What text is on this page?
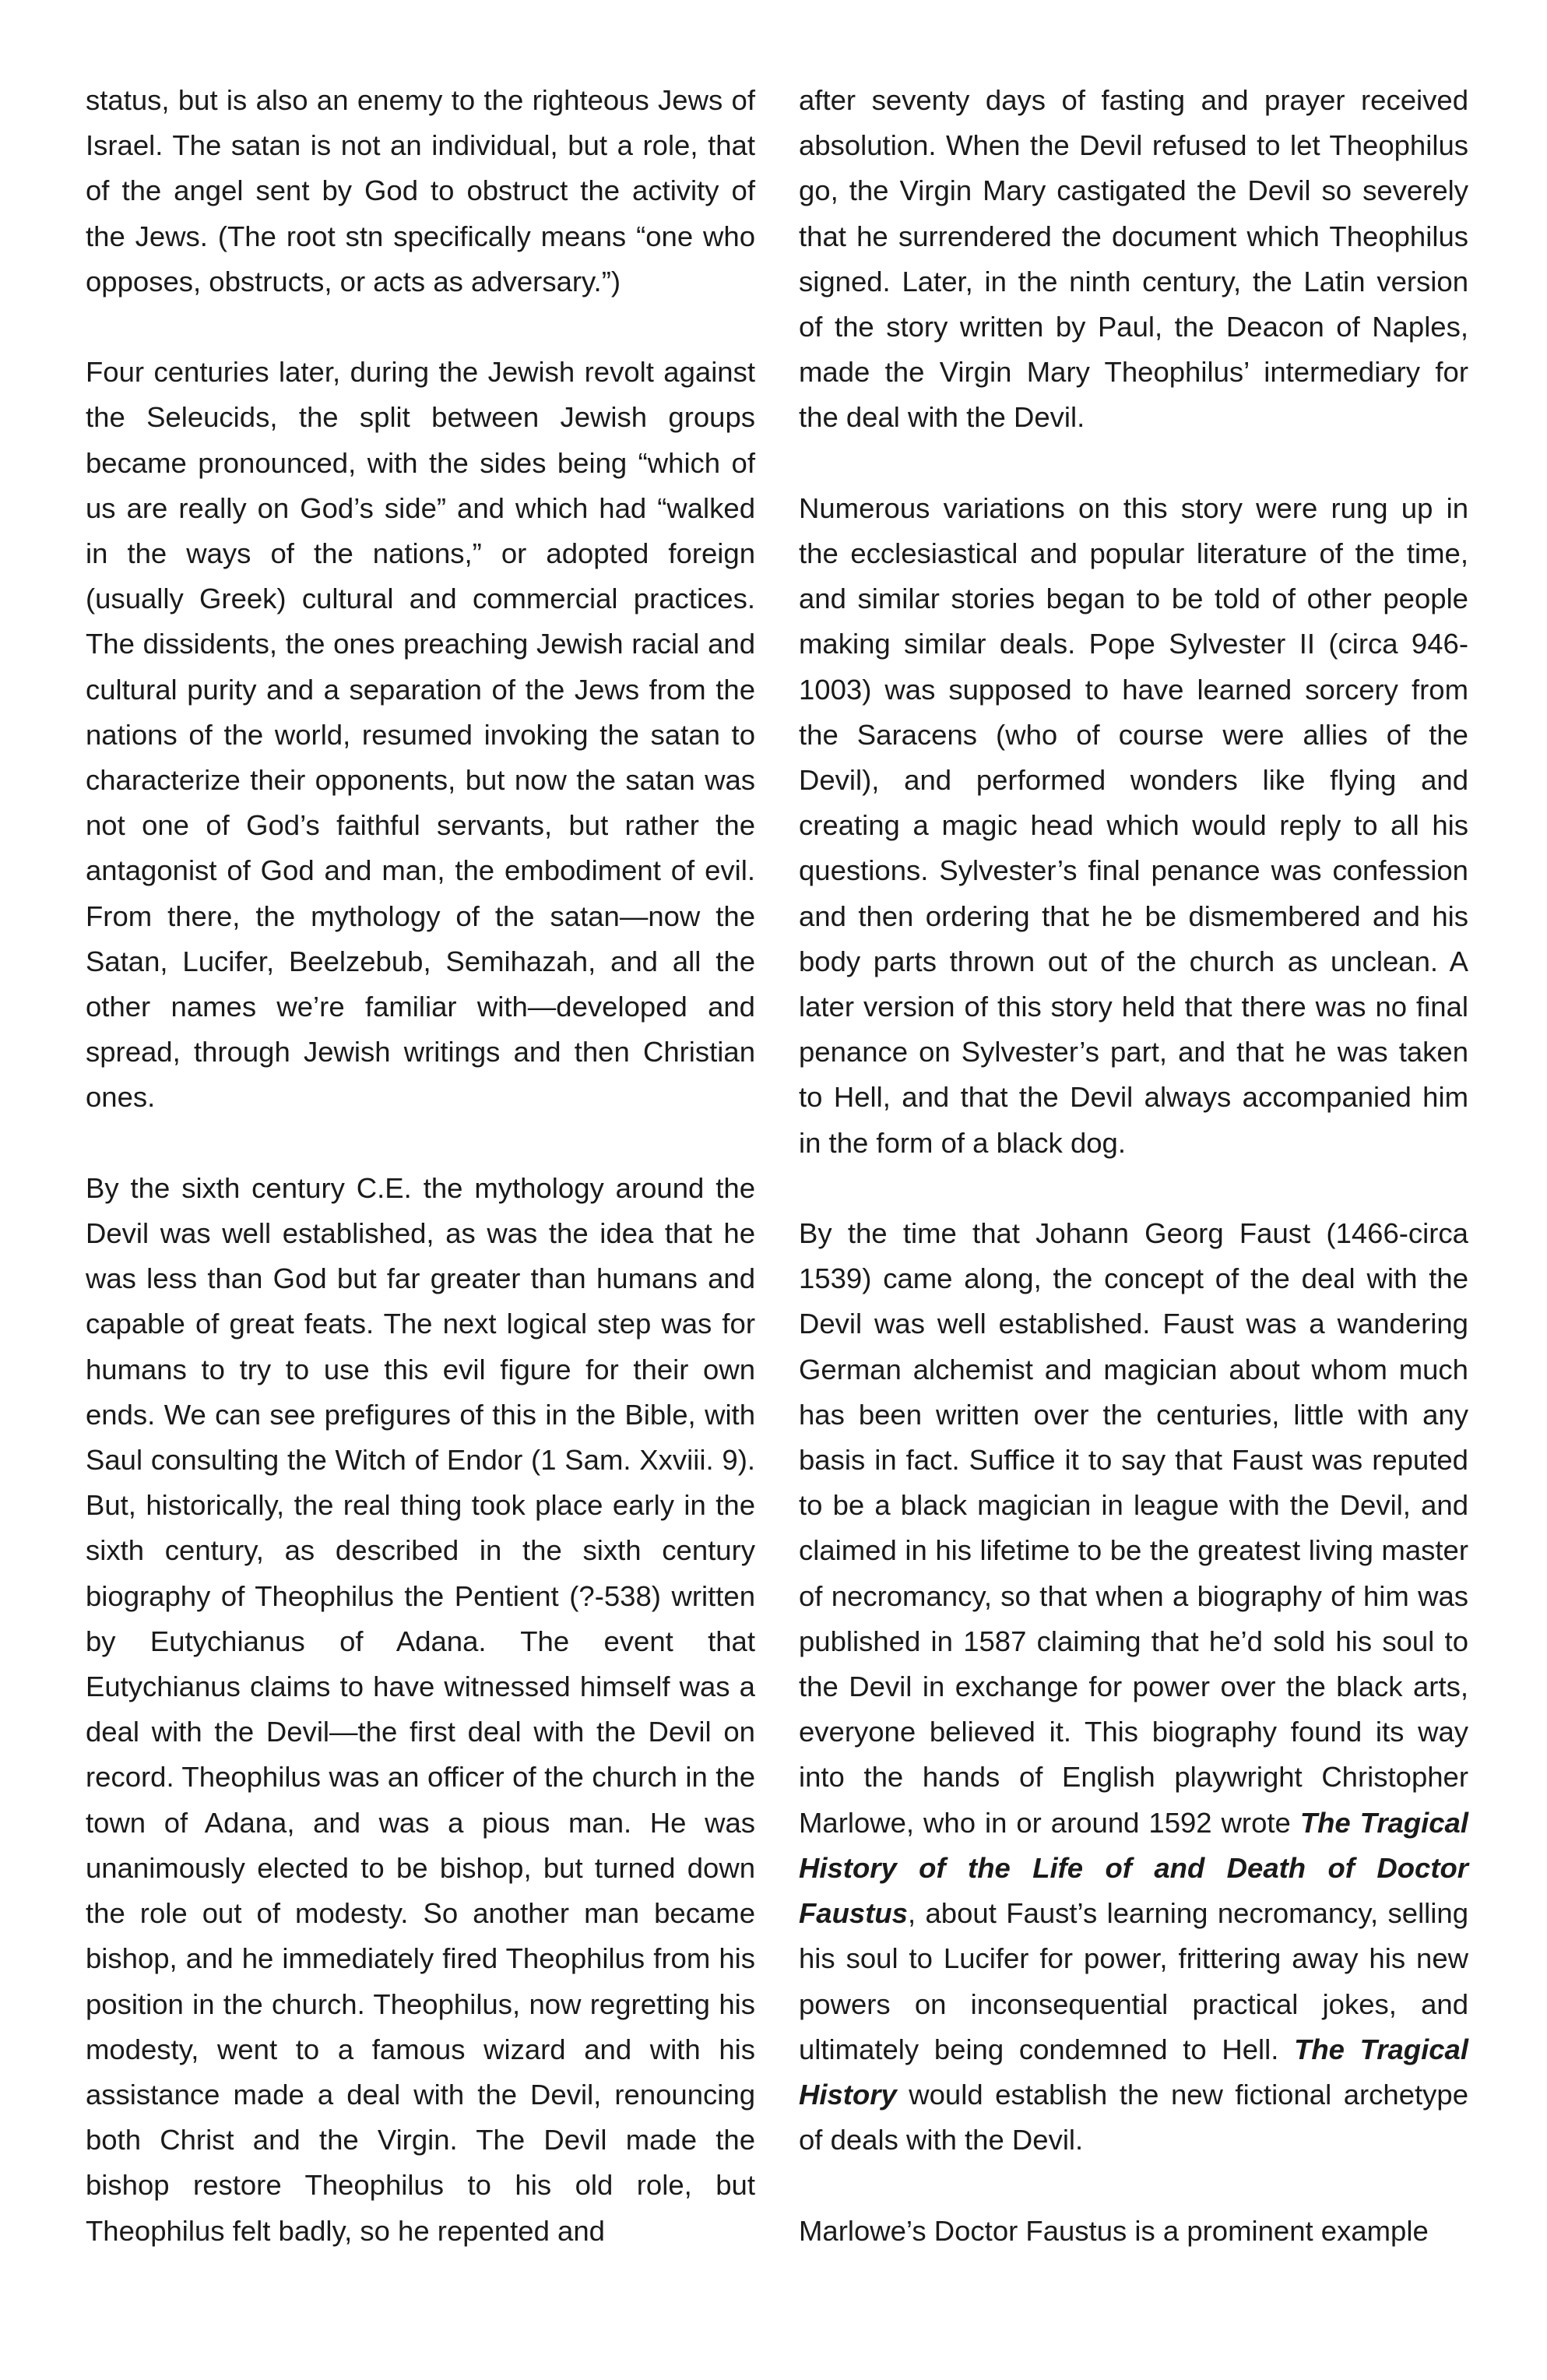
status, but is also an enemy to the righteous Jews of Israel. The satan is not an individual, but a role, that of the angel sent by God to obstruct the activity of the Jews. (The root stn specifically means “one who opposes, obstructs, or acts as adversary.”)

Four centuries later, during the Jewish revolt against the Seleucids, the split between Jewish groups became pronounced, with the sides being “which of us are really on God’s side” and which had “walked in the ways of the nations,” or adopted foreign (usually Greek) cultural and commercial practices. The dissidents, the ones preaching Jewish racial and cultural purity and a separation of the Jews from the nations of the world, resumed invoking the satan to characterize their opponents, but now the satan was not one of God’s faithful servants, but rather the antagonist of God and man, the embodiment of evil. From there, the mythology of the satan—now the Satan, Lucifer, Beelzebub, Semihazah, and all the other names we’re familiar with—developed and spread, through Jewish writings and then Christian ones.

By the sixth century C.E. the mythology around the Devil was well established, as was the idea that he was less than God but far greater than humans and capable of great feats. The next logical step was for humans to try to use this evil figure for their own ends. We can see prefigures of this in the Bible, with Saul consulting the Witch of Endor (1 Sam. Xxviii. 9). But, historically, the real thing took place early in the sixth century, as described in the sixth century biography of Theophilus the Pentient (?-538) written by Eutychianus of Adana. The event that Eutychianus claims to have witnessed himself was a deal with the Devil—the first deal with the Devil on record. Theophilus was an officer of the church in the town of Adana, and was a pious man. He was unanimously elected to be bishop, but turned down the role out of modesty. So another man became bishop, and he immediately fired Theophilus from his position in the church. Theophilus, now regretting his modesty, went to a famous wizard and with his assistance made a deal with the Devil, renouncing both Christ and the Virgin. The Devil made the bishop restore Theophilus to his old role, but Theophilus felt badly, so he repented and

after seventy days of fasting and prayer received absolution. When the Devil refused to let Theophilus go, the Virgin Mary castigated the Devil so severely that he surrendered the document which Theophilus signed. Later, in the ninth century, the Latin version of the story written by Paul, the Deacon of Naples, made the Virgin Mary Theophilus’ intermediary for the deal with the Devil.

Numerous variations on this story were rung up in the ecclesiastical and popular literature of the time, and similar stories began to be told of other people making similar deals. Pope Sylvester II (circa 946-1003) was supposed to have learned sorcery from the Saracens (who of course were allies of the Devil), and performed wonders like flying and creating a magic head which would reply to all his questions. Sylvester’s final penance was confession and then ordering that he be dismembered and his body parts thrown out of the church as unclean. A later version of this story held that there was no final penance on Sylvester’s part, and that he was taken to Hell, and that the Devil always accompanied him in the form of a black dog.

By the time that Johann Georg Faust (1466-circa 1539) came along, the concept of the deal with the Devil was well established. Faust was a wandering German alchemist and magician about whom much has been written over the centuries, little with any basis in fact. Suffice it to say that Faust was reputed to be a black magician in league with the Devil, and claimed in his lifetime to be the greatest living master of necromancy, so that when a biography of him was published in 1587 claiming that he’d sold his soul to the Devil in exchange for power over the black arts, everyone believed it. This biography found its way into the hands of English playwright Christopher Marlowe, who in or around 1592 wrote The Tragical History of the Life of and Death of Doctor Faustus, about Faust’s learning necromancy, selling his soul to Lucifer for power, frittering away his new powers on inconsequential practical jokes, and ultimately being condemned to Hell. The Tragical History would establish the new fictional archetype of deals with the Devil.

Marlowe’s Doctor Faustus is a prominent example
